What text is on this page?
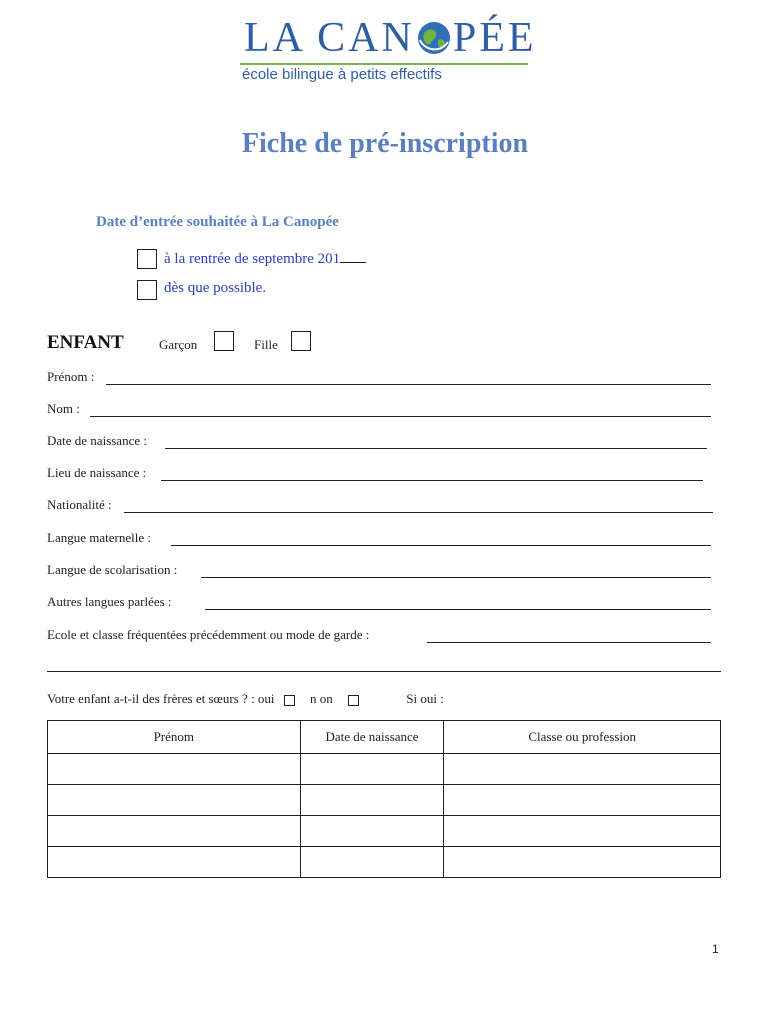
LA CAN PÉE
école bilingue à petits effectifs
Fiche de pré-inscription
Date d’entrée souhaitée à La Canopée
à la rentrée de septembre 201
dès que possible.
ENFANT	Garçon	Fille
Prénom :
Nom :
Date de naissance :
Lieu de naissance :
Nationalité :
Langue maternelle :
Langue de scolarisation :
Autres langues parlées :
Ecole et classe fréquentées précédemment ou mode de garde :
Votre enfant a-t-il des frères et sœurs ? : oui	n on	Si oui :
Prénom	Date de naissance	Classe ou profession

1
